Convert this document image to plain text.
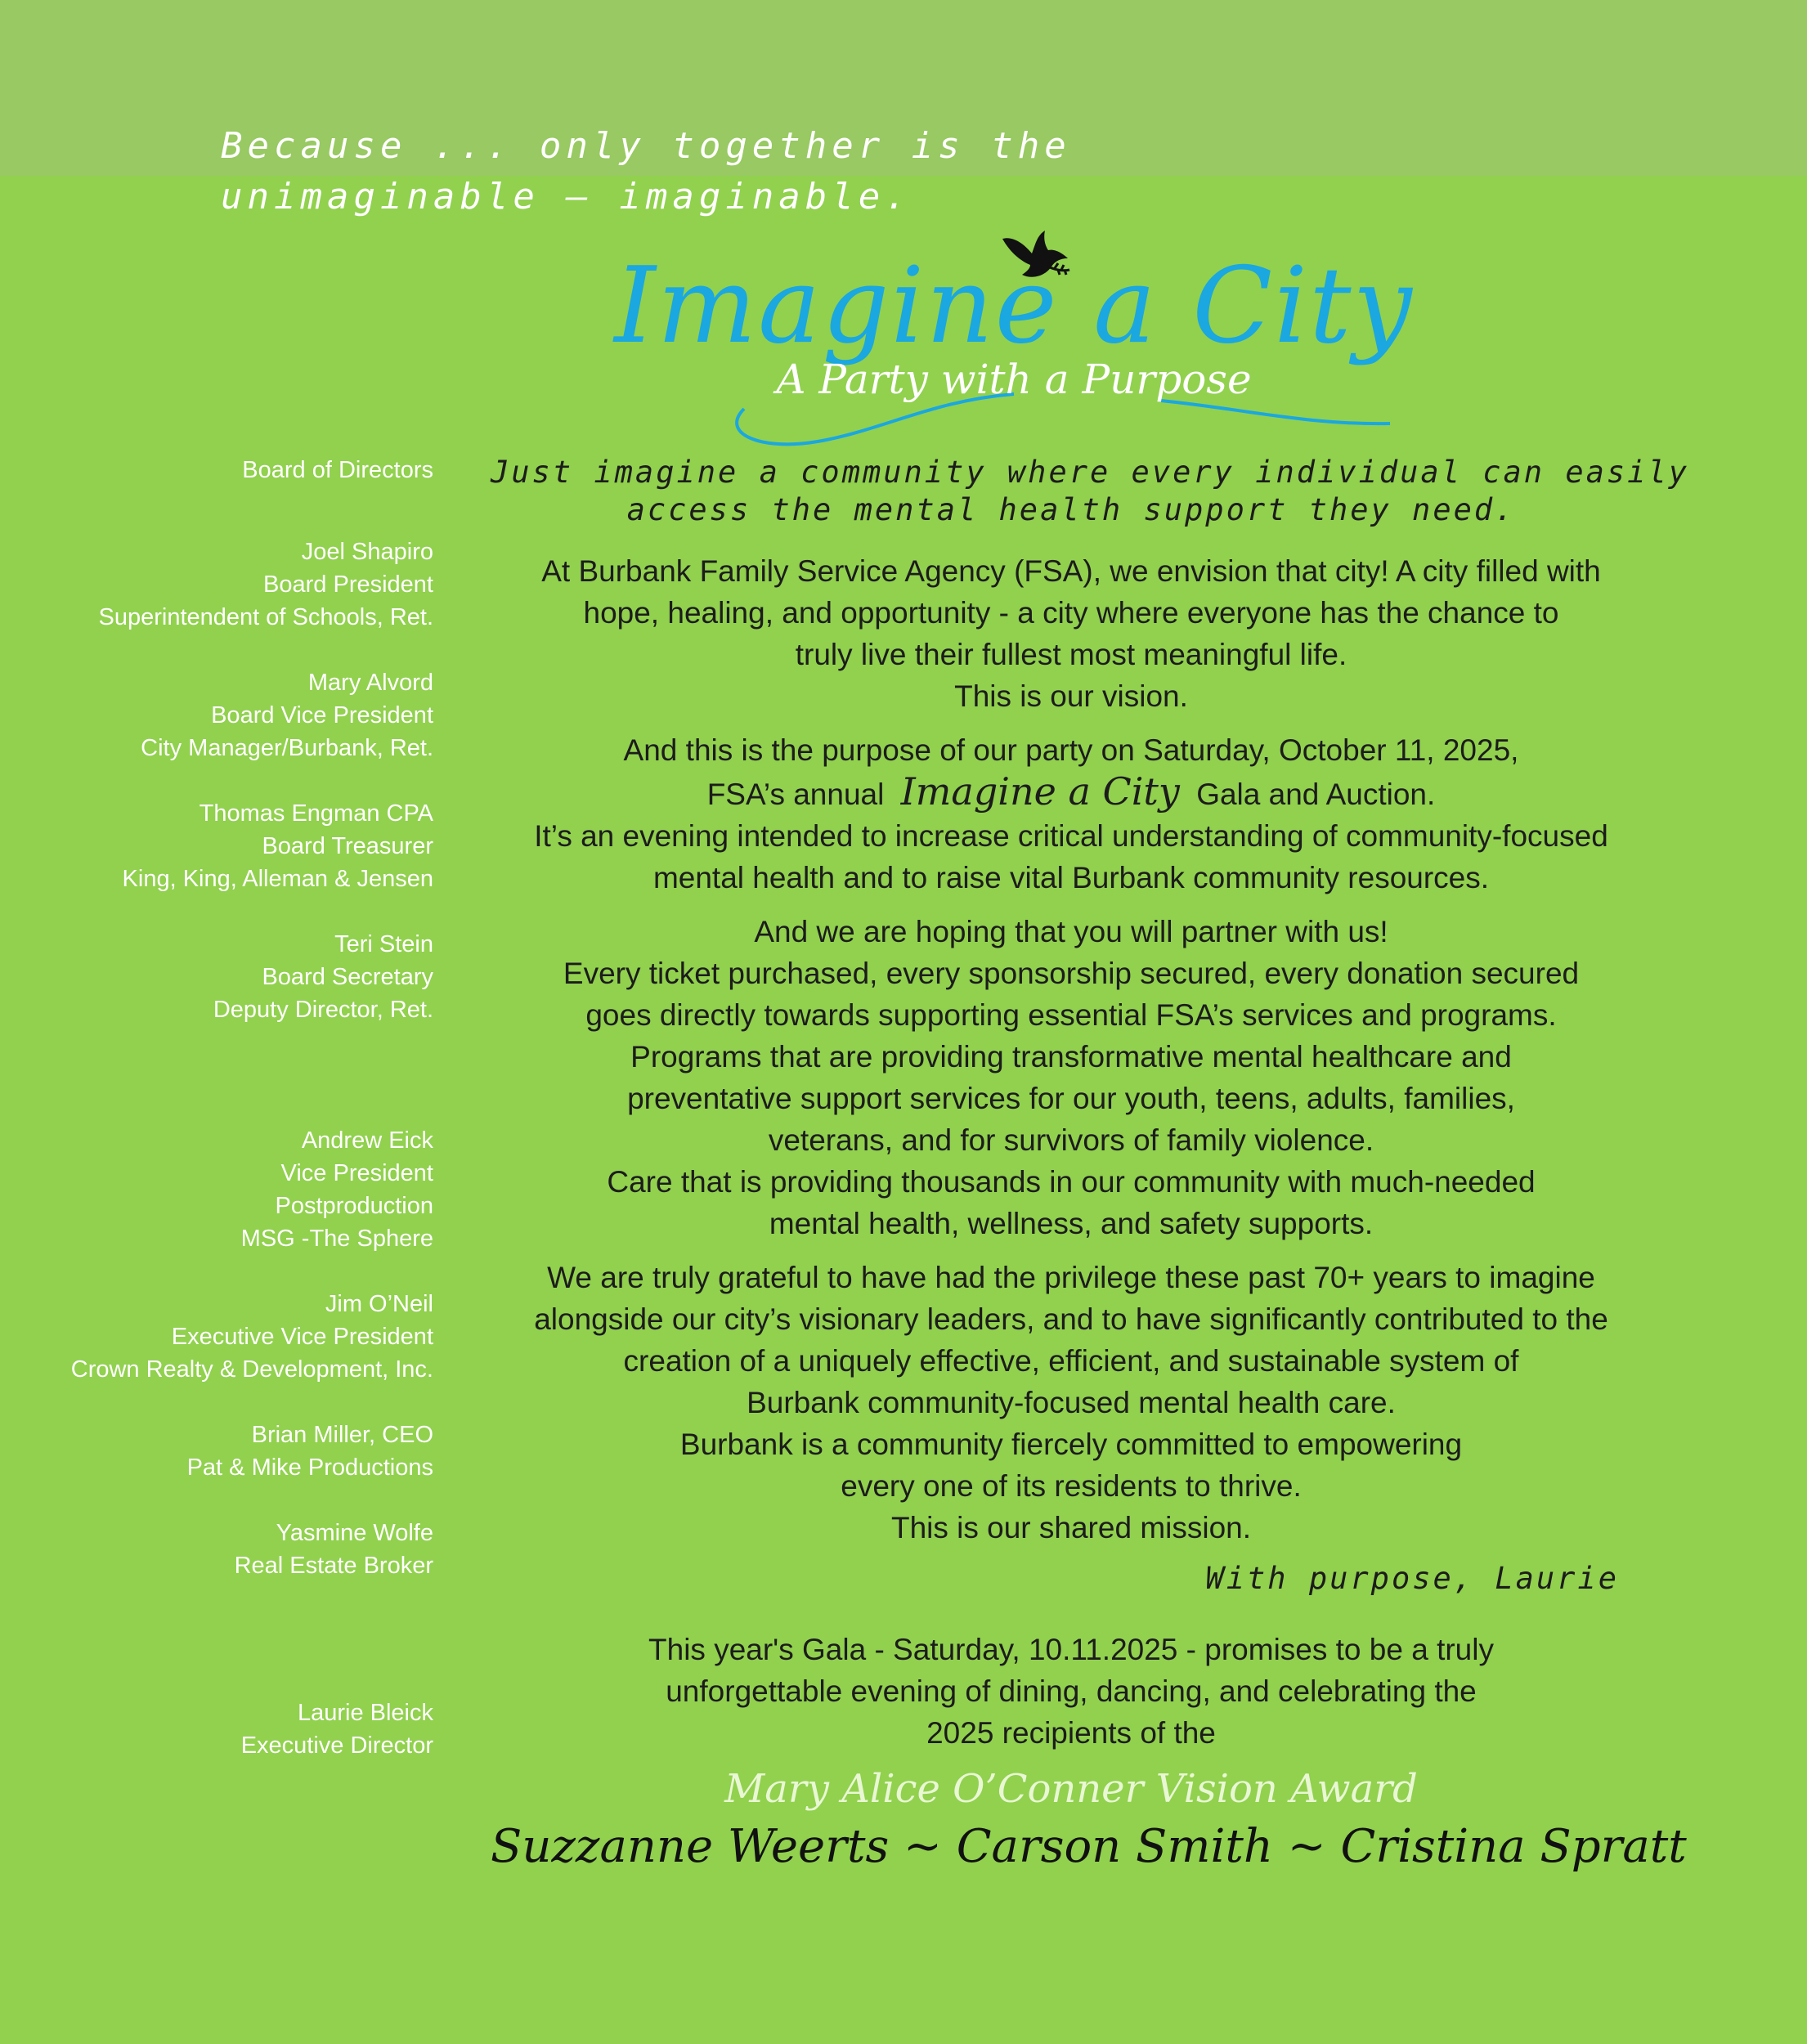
Because ... only together is the
unimaginable — imaginable.
Imagine a City
A Party with a Purpose

Board of Directors

Joel Shapiro

Board President

Superintendent of Schools, Ret.

Mary Alvord

Board Vice President

City Manager/Burbank, Ret.

Thomas Engman CPA

Board Treasurer

King, King, Alleman & Jensen

Teri Stein

Board Secretary

Deputy Director, Ret.

Andrew Eick

Vice President

Postproduction

MSG -The Sphere

Jim O’Neil

Executive Vice President

Crown Realty & Development, Inc.

Brian Miller, CEO

Pat & Mike Productions

Yasmine Wolfe

Real Estate Broker

Laurie Bleick

Executive Director

Just imagine a community where every individual can easily
access the mental health support they need.
At Burbank Family Service Agency (FSA), we envision that city! A city filled with
hope, healing, and opportunity - a city where everyone has the chance to
truly live their fullest most meaningful life.
This is our vision.
And this is the purpose of our party on Saturday, October 11, 2025,
FSA’s annual Imagine a City Gala and Auction.
It’s an evening intended to increase critical understanding of community-focused
mental health and to raise vital Burbank community resources.
And we are hoping that you will partner with us!
Every ticket purchased, every sponsorship secured, every donation secured
goes directly towards supporting essential FSA’s services and programs.
Programs that are providing transformative mental healthcare and
preventative support services for our youth, teens, adults, families,
veterans, and for survivors of family violence.
Care that is providing thousands in our community with much-needed
mental health, wellness, and safety supports.
We are truly grateful to have had the privilege these past 70+ years to imagine
alongside our city’s visionary leaders, and to have significantly contributed to the
creation of a uniquely effective, efficient, and sustainable system of
Burbank community-focused mental health care.
Burbank is a community fiercely committed to empowering
every one of its residents to thrive.
This is our shared mission.
With purpose, Laurie
This year's Gala - Saturday, 10.11.2025 - promises to be a truly
unforgettable evening of dining, dancing, and celebrating the
2025 recipients of the
Mary Alice O’Conner Vision Award
Suzzanne Weerts ~ Carson Smith ~ Cristina Spratt
